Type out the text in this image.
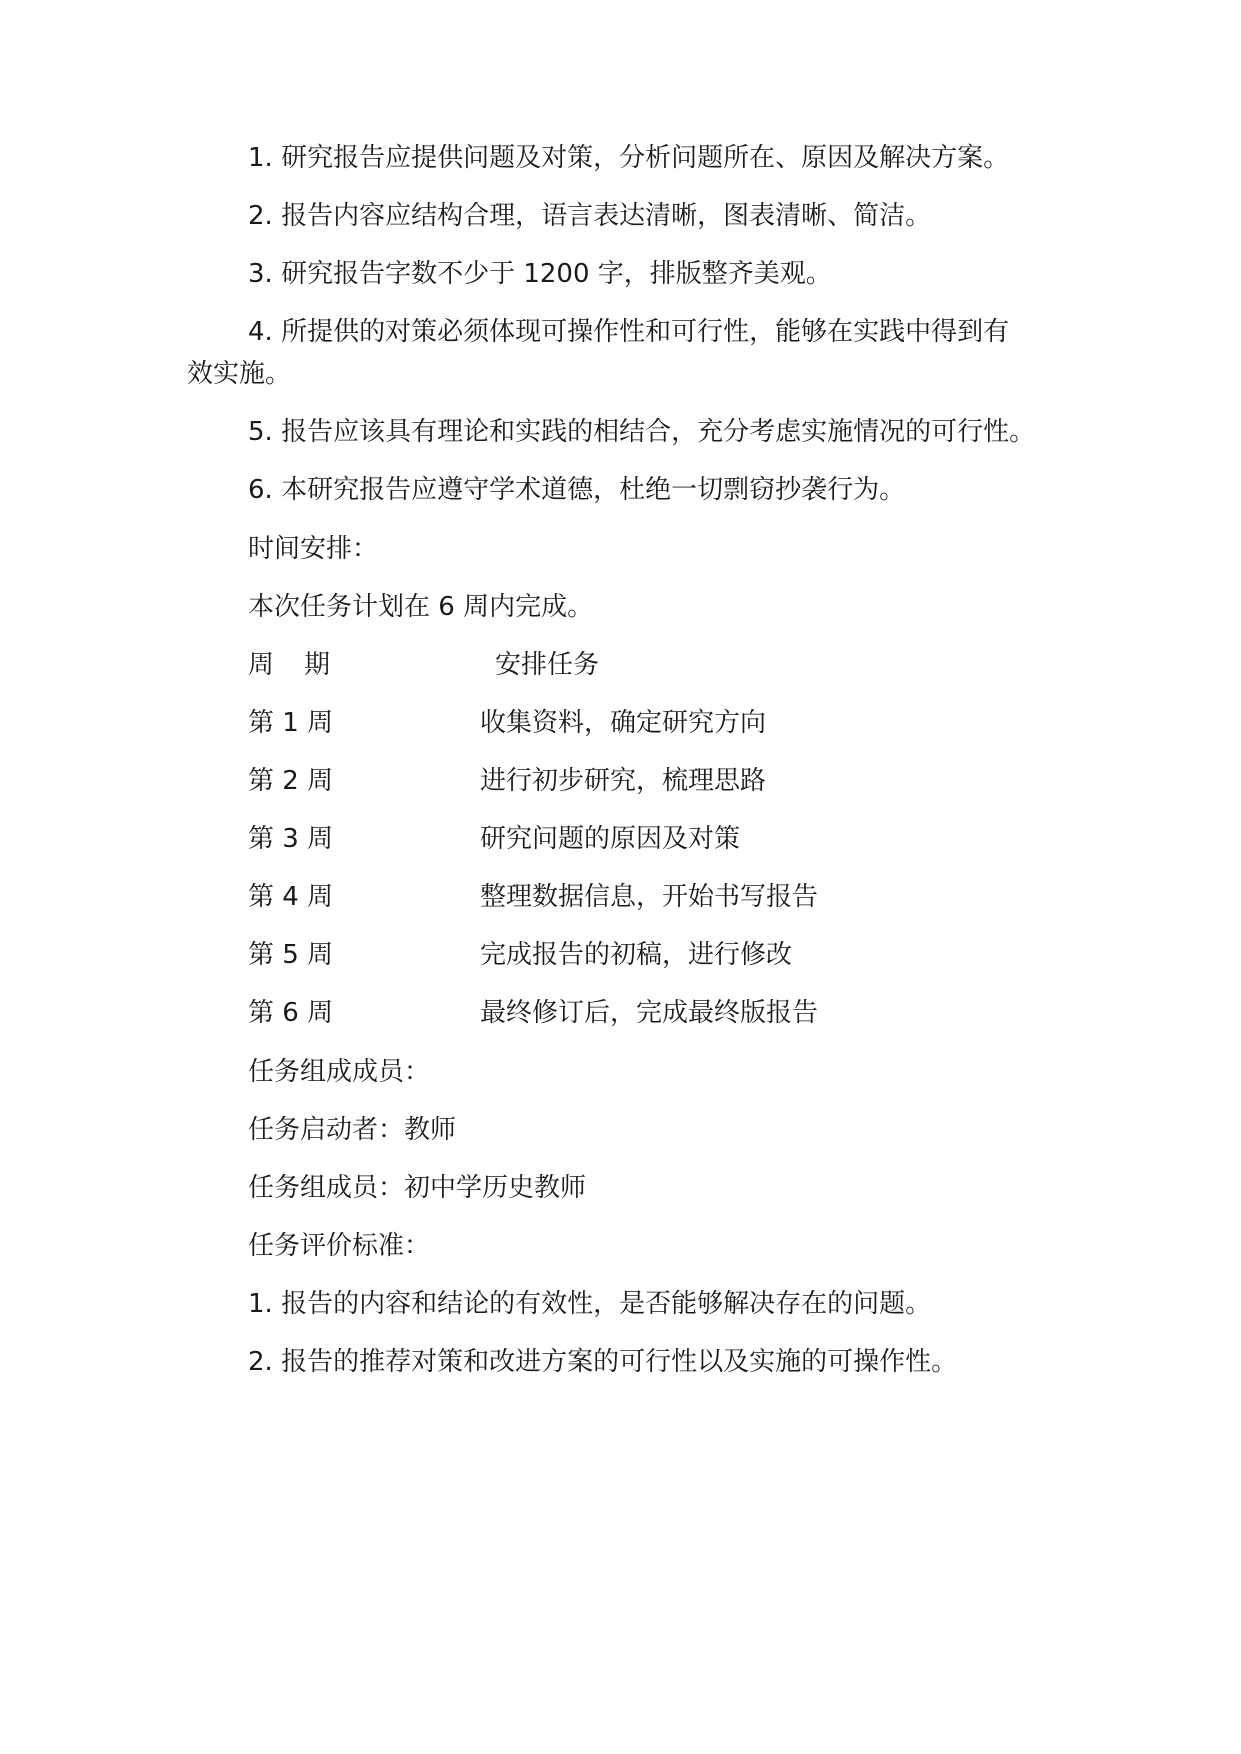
1. 研究报告应提供问题及对策，分析问题所在、原因及解决方案。
2. 报告内容应结构合理，语言表达清晰，图表清晰、简洁。
3. 研究报告字数不少于 1200 字，排版整齐美观。
4. 所提供的对策必须体现可操作性和可行性，能够在实践中得到有
效实施。
5. 报告应该具有理论和实践的相结合，充分考虑实施情况的可行性。
6. 本研究报告应遵守学术道德，杜绝一切剽窃抄袭行为。
时间安排：
本次任务计划在 6 周内完成。
周 期	安排任务
第 1 周	收集资料，确定研究方向
第 2 周	进行初步研究，梳理思路
第 3 周	研究问题的原因及对策
第 4 周	整理数据信息，开始书写报告
第 5 周	完成报告的初稿，进行修改
第 6 周	最终修订后，完成最终版报告
任务组成成员：
任务启动者：教师
任务组成员：初中学历史教师
任务评价标准：
1. 报告的内容和结论的有效性，是否能够解决存在的问题。
2. 报告的推荐对策和改进方案的可行性以及实施的可操作性。
